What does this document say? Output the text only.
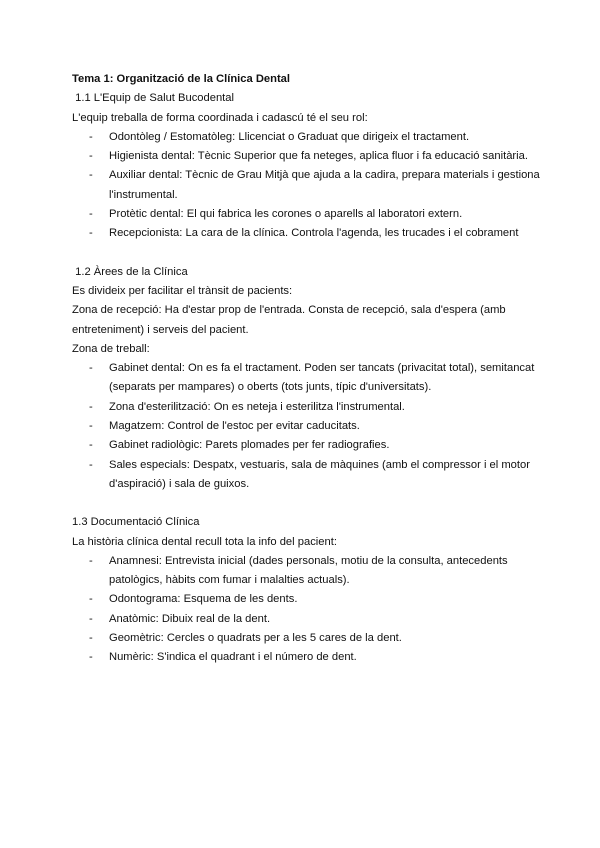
Tema 1: Organització de la Clínica Dental
1.1 L'Equip de Salut Bucodental
L'equip treballa de forma coordinada i cadascú té el seu rol:
- Odontòleg / Estomatòleg: Llicenciat o Graduat que dirigeix el tractament.
- Higienista dental: Tècnic Superior que fa neteges, aplica fluor i fa educació sanitària.
- Auxiliar dental: Tècnic de Grau Mitjà que ajuda a la cadira, prepara materials i gestiona l'instrumental.
- Protètic dental: El qui fabrica les corones o aparells al laboratori extern.
- Recepcionista: La cara de la clínica. Controla l'agenda, les trucades i el cobrament
1.2 Àrees de la Clínica
Es divideix per facilitar el trànsit de pacients:
Zona de recepció: Ha d'estar prop de l'entrada. Consta de recepció, sala d'espera (amb entreteniment) i serveis del pacient.
Zona de treball:
- Gabinet dental: On es fa el tractament. Poden ser tancats (privacitat total), semitancat (separats per mampares) o oberts (tots junts, típic d'universitats).
- Zona d'esterilització: On es neteja i esterilitza l'instrumental.
- Magatzem: Control de l'estoc per evitar caducitats.
- Gabinet radiològic: Parets plomades per fer radiografies.
- Sales especials: Despatx, vestuaris, sala de màquines (amb el compressor i el motor d'aspiració) i sala de guixos.
1.3 Documentació Clínica
La història clínica dental recull tota la info del pacient:
- Anamnesi: Entrevista inicial (dades personals, motiu de la consulta, antecedents patològics, hàbits com fumar i malalties actuals).
- Odontograma: Esquema de les dents.
- Anatòmic: Dibuix real de la dent.
- Geomètric: Cercles o quadrats per a les 5 cares de la dent.
- Numèric: S'indica el quadrant i el número de dent.
